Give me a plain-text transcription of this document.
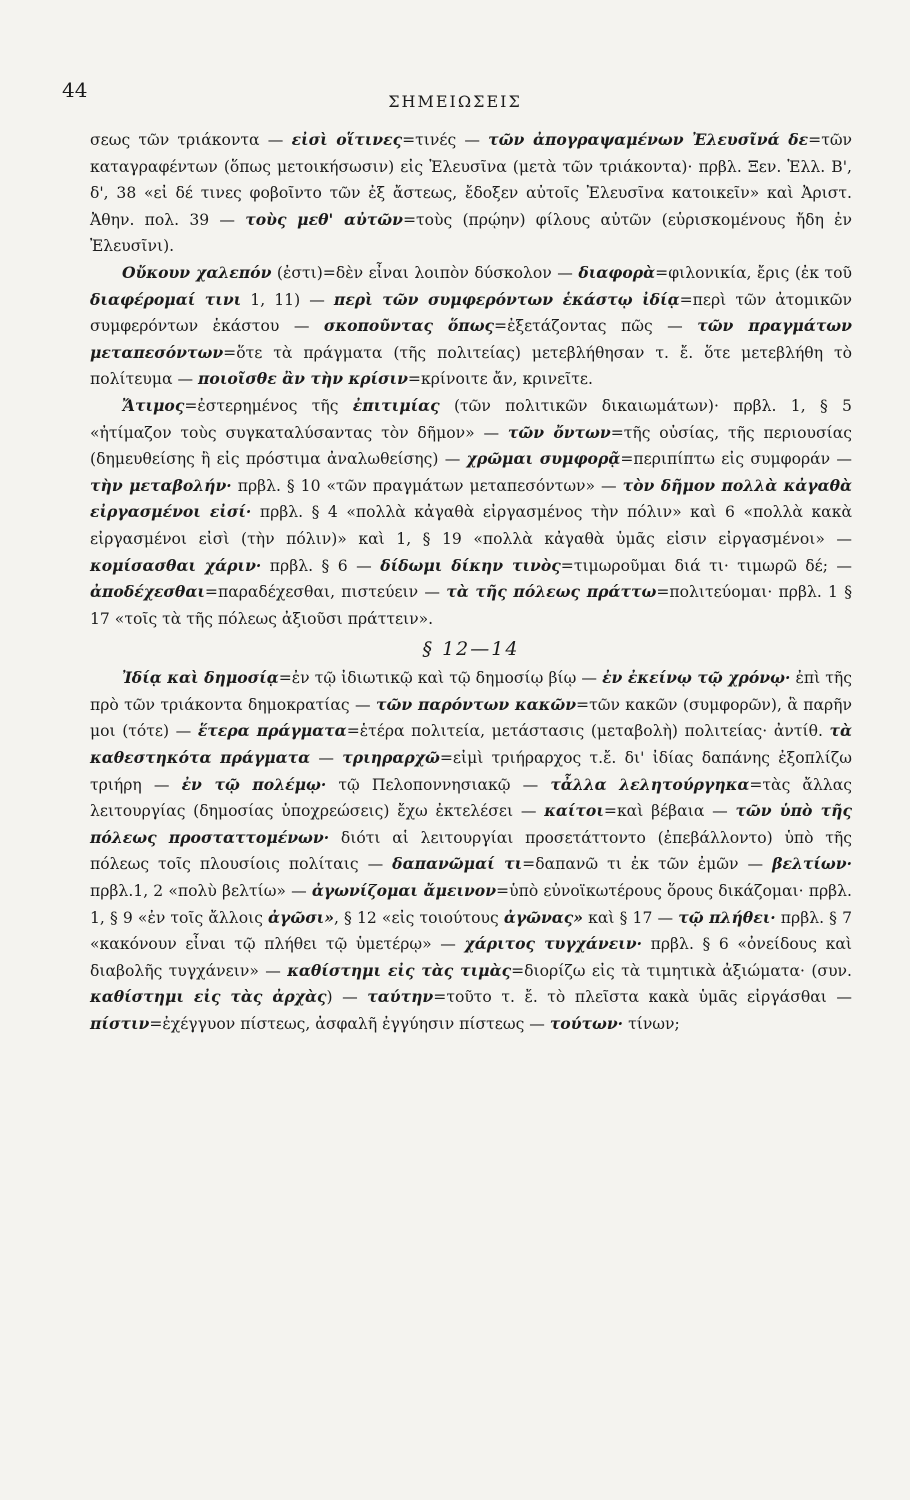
44	ΣΗΜΕΙΩΣΕΙΣ

σεως τῶν τριάκοντα — εἰσὶ οἵτινες=τινές — τῶν ἀπογραψαμένων Ἐλευσῖνά δε=τῶν καταγραφέντων (ὅπως μετοικήσωσιν) εἰς Ἐλευσῖνα (μετὰ τῶν τριάκοντα)· πρβλ. Ξεν. Ἑλλ. Β', δ', 38 «εἰ δέ τινες φοβοῖντο τῶν ἐξ ἄστεως, ἔδοξεν αὐτοῖς Ἐλευσῖνα κατοικεῖν» καὶ Ἀριστ. Ἀθην. πολ. 39 — τοὺς μεθ' αὐτῶν=τοὺς (πρῴην) φίλους αὐτῶν (εὑρισκομένους ἤδη ἐν Ἐλευσῖνι).

Οὔκουν χαλεπόν (ἐστι)=δὲν εἶναι λοιπὸν δύσκολον — διαφορὰ=φιλονικία, ἔρις (ἐκ τοῦ διαφέρομαί τινι 1, 11) — περὶ τῶν συμφερόντων ἑκάστῳ ἰδίᾳ=περὶ τῶν ἀτομικῶν συμφερόντων ἑκάστου — σκοποῦντας ὅπως=ἐξετάζοντας πῶς — τῶν πραγμάτων μεταπεσόντων=ὅτε τὰ πράγματα (τῆς πολιτείας) μετεβλήθησαν τ. ἔ. ὅτε μετεβλήθη τὸ πολίτευμα — ποιοῖσθε ἂν τὴν κρίσιν=κρίνοιτε ἄν, κρινεῖτε.

Ἄτιμος=ἐστερημένος τῆς ἐπιτιμίας (τῶν πολιτικῶν δικαιωμάτων)· πρβλ. 1, § 5 «ἠτίμαζον τοὺς συγκαταλύσαντας τὸν δῆμον» — τῶν ὄντων=τῆς οὐσίας, τῆς περιουσίας (δημευθείσης ἢ εἰς πρόστιμα ἀναλωθείσης) — χρῶμαι συμφορᾷ=περιπίπτω εἰς συμφοράν — τὴν μεταβολήν· πρβλ. § 10 «τῶν πραγμάτων μεταπεσόντων» — τὸν δῆμον πολλὰ κἀγαθὰ εἰργασμένοι εἰσί· πρβλ. § 4 «πολλὰ κἀγαθὰ εἰργασμένος τὴν πόλιν» καὶ 6 «πολλὰ κακὰ εἰργασμένοι εἰσὶ (τὴν πόλιν)» καὶ 1, § 19 «πολλὰ κἀγαθὰ ὑμᾶς εἰσιν εἰργασμένοι» — κομίσασθαι χάριν· πρβλ. § 6 — δίδωμι δίκην τινὸς=τιμωροῦμαι διά τι· τιμωρῶ δέ; — ἀποδέχεσθαι=παραδέχεσθαι, πιστεύειν — τὰ τῆς πόλεως πράττω=πολιτεύομαι· πρβλ. 1 § 17 «τοῖς τὰ τῆς πόλεως ἀξιοῦσι πράττειν».

§ 12—14

Ἰδίᾳ καὶ δημοσίᾳ=ἐν τῷ ἰδιωτικῷ καὶ τῷ δημοσίῳ βίῳ — ἐν ἐκείνῳ τῷ χρόνῳ· ἐπὶ τῆς πρὸ τῶν τριάκοντα δημοκρατίας — τῶν παρόντων κακῶν=τῶν κακῶν (συμφορῶν), ἃ παρῆν μοι (τότε) — ἕτερα πράγματα=ἑτέρα πολιτεία, μετάστασις (μεταβολὴ) πολιτείας· ἀντίθ. τὰ καθεστηκότα πράγματα — τριηραρχῶ=εἰμὶ τριήραρχος τ.ἔ. δι' ἰδίας δαπάνης ἐξοπλίζω τριήρη — ἐν τῷ πολέμῳ· τῷ Πελοποννησιακῷ — τἆλλα λελητούργηκα=τὰς ἄλλας λειτουργίας (δημοσίας ὑποχρεώσεις) ἔχω ἐκτελέσει — καίτοι=καὶ βέβαια — τῶν ὑπὸ τῆς πόλεως προσταττομένων· διότι αἱ λειτουργίαι προσετάττοντο (ἐπεβάλλοντο) ὑπὸ τῆς πόλεως τοῖς πλουσίοις πολίταις — δαπανῶμαί τι=δαπανῶ τι ἐκ τῶν ἐμῶν — βελτίων· πρβλ.1, 2 «πολὺ βελτίω» — ἀγωνίζομαι ἄμεινον=ὑπὸ εὐνοϊκωτέρους ὅρους δικάζομαι· πρβλ. 1, § 9 «ἐν τοῖς ἄλλοις ἀγῶσι», § 12 «εἰς τοιούτους ἀγῶνας» καὶ § 17 — τῷ πλήθει· πρβλ. § 7 «κακόνουν εἶναι τῷ πλήθει τῷ ὑμετέρῳ» — χάριτος τυγχάνειν· πρβλ. § 6 «ὀνείδους καὶ διαβολῆς τυγχάνειν» — καθίστημι εἰς τὰς τιμὰς=διορίζω εἰς τὰ τιμητικὰ ἀξιώματα· (συν. καθίστημι εἰς τὰς ἀρχὰς) — ταύτην=τοῦτο τ. ἔ. τὸ πλεῖστα κακὰ ὑμᾶς εἰργάσθαι — πίστιν=ἐχέγγυον πίστεως, ἀσφαλῆ ἐγγύησιν πίστεως — τούτων· τίνων;
